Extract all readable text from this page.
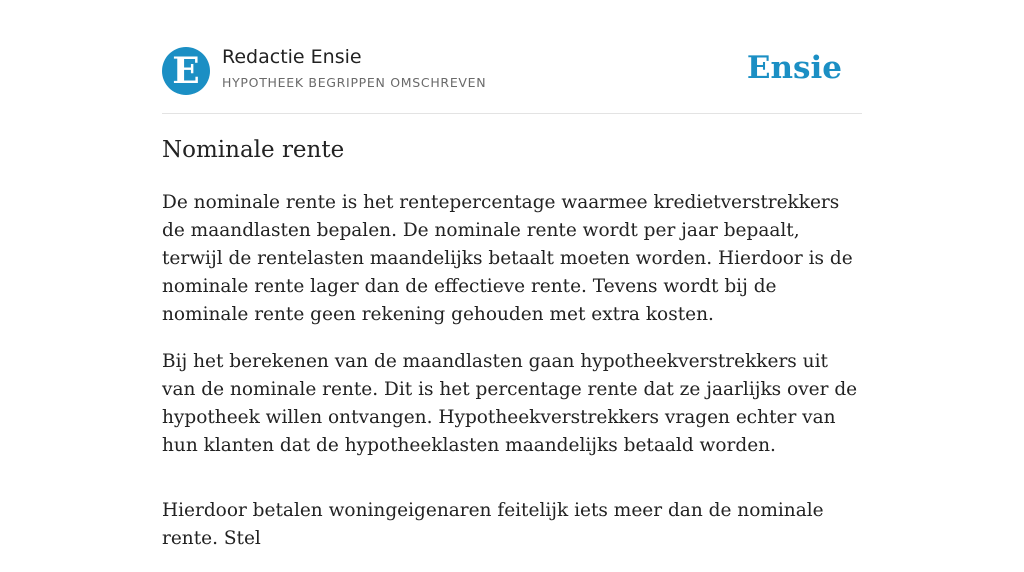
E	Redactie Ensie
HYPOTHEEK BEGRIPPEN OMSCHREVEN	Ensie
Nominale rente

De nominale rente is het rentepercentage waarmee kredietverstrekkers de maandlasten bepalen. De nominale rente wordt per jaar bepaalt, terwijl de rentelasten maandelijks betaalt moeten worden. Hierdoor is de nominale rente lager dan de effectieve rente. Tevens wordt bij de nominale rente geen rekening gehouden met extra kosten.

Bij het berekenen van de maandlasten gaan hypotheekverstrekkers uit van de nominale rente. Dit is het percentage rente dat ze jaarlijks over de hypotheek willen ontvangen. Hypotheekverstrekkers vragen echter van hun klanten dat de hypotheeklasten maandelijks betaald worden.

Hierdoor betalen woningeigenaren feitelijk iets meer dan de nominale rente. Stel
